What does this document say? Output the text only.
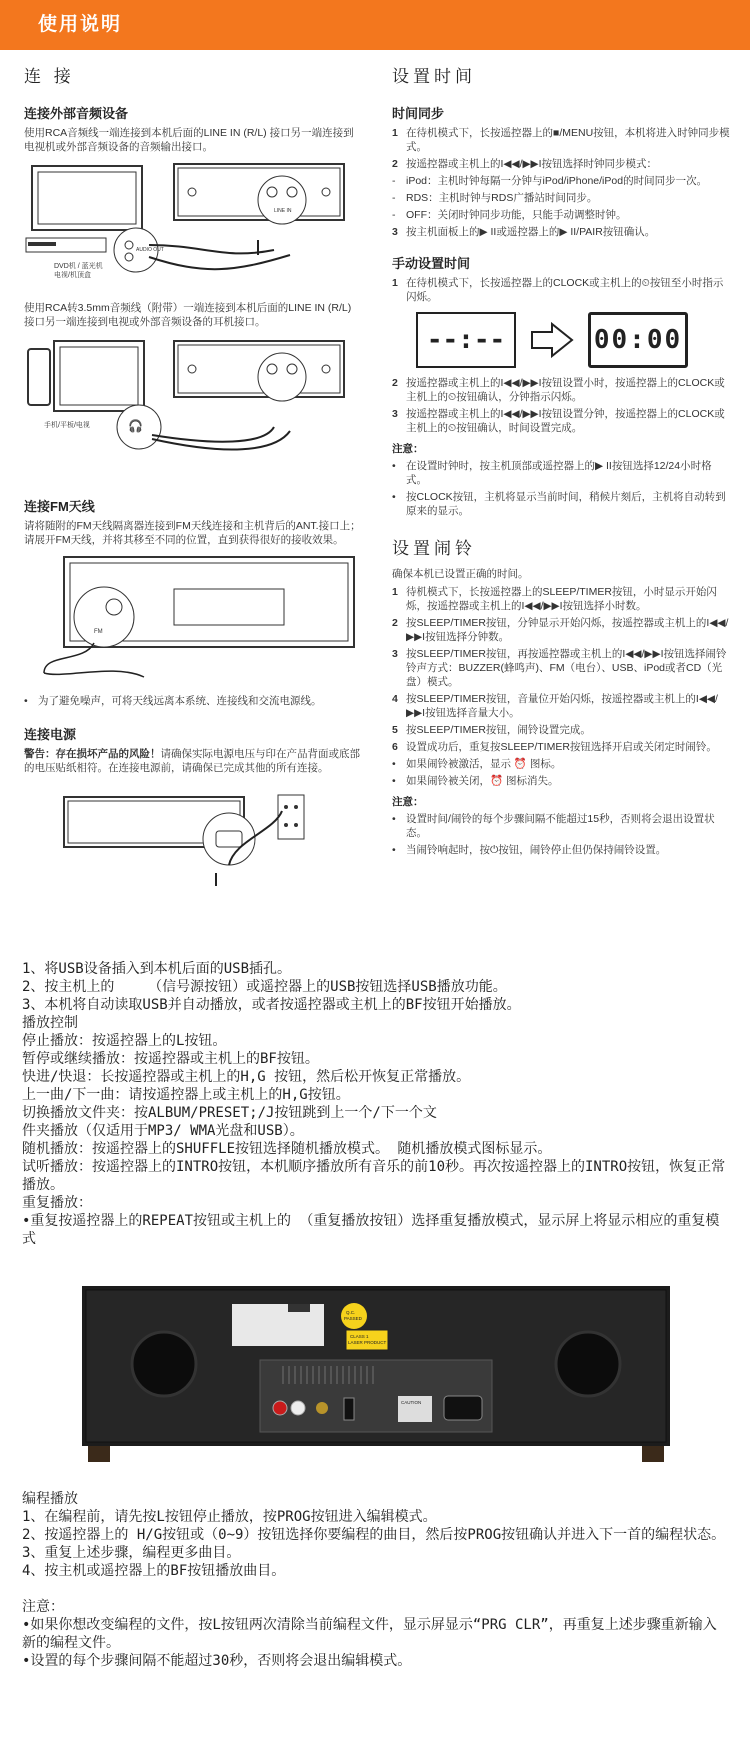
使用说明
连 接
连接外部音频设备
使用RCA音频线一端连接到本机后面的LINE IN (R/L) 接口另一端连接到电视机或外部音频设备的音频输出接口。
DVD机 / 蓝光机电视/机顶盒
AUDIO OUT
LINE IN
使用RCA转3.5mm音频线（附带）一端连接到本机后面的LINE IN (R/L) 接口另一端连接到电视或外部音频设备的耳机接口。
手机/平板/电视	🎧
连接FM天线
请将随附的FM天线隔离器连接到FM天线连接和主机背后的ANT.接口上；请展开FM天线，并将其移至不同的位置，直到获得很好的接收效果。
FM
• 为了避免噪声，可将天线远离本系统、连接线和交流电源线。
连接电源
警告：存在损坏产品的风险！请确保实际电源电压与印在产品背面或底部的电压贴纸相符。在连接电源前，请确保已完成其他的所有连接。
设置时间
时间同步
1 在待机模式下，长按遥控器上的■/MENU按钮，本机将进入时钟同步模式。
2 按遥控器或主机上的I◀◀/▶▶I按钮选择时钟同步模式：
-	iPod：主机时钟每隔一分钟与iPod/iPhone/iPod的时间同步一次。
-	RDS：主机时钟与RDS广播站时间同步。
-	OFF：关闭时钟同步功能，只能手动调整时钟。
3 按主机面板上的▶ II或遥控器上的▶ II/PAIR按钮确认。
手动设置时间
1 在待机模式下，长按遥控器上的CLOCK或主机上的⏲按钮至小时指示闪烁。
--:--	00:00
2 按遥控器或主机上的I◀◀/▶▶I按钮设置小时，按遥控器上的CLOCK或主机上的⏲按钮确认，分钟指示闪烁。
3 按遥控器或主机上的I◀◀/▶▶I按钮设置分钟，按遥控器上的CLOCK或主机上的⏲按钮确认，时间设置完成。
注意：
• 在设置时钟时，按主机顶部或遥控器上的▶ II按钮选择12/24小时格式。
• 按CLOCK按钮，主机将显示当前时间，稍候片刻后，主机将自动转到原来的显示。
设置闹铃
确保本机已设置正确的时间。
1 待机模式下，长按遥控器上的SLEEP/TIMER按钮，小时显示开始闪烁，按遥控器或主机上的I◀◀/▶▶I按钮选择小时数。
2 按SLEEP/TIMER按钮，分钟显示开始闪烁，按遥控器或主机上的I◀◀/▶▶I按钮选择分钟数。
3 按SLEEP/TIMER按钮，再按遥控器或主机上的I◀◀/▶▶I按钮选择闹铃铃声方式：BUZZER(蜂鸣声)、FM（电台）、USB、iPod或者CD（光盘）模式。
4 按SLEEP/TIMER按钮，音量位开始闪烁，按遥控器或主机上的I◀◀/▶▶I按钮选择音量大小。
5 按SLEEP/TIMER按钮，闹铃设置完成。
6 设置成功后，重复按SLEEP/TIMER按钮选择开启或关闭定时闹铃。
• 如果闹铃被激活，显示 ⏰ 图标。
• 如果闹铃被关闭，⏰ 图标消失。
注意：
• 设置时间/闹铃的每个步骤间隔不能超过15秒，否则将会退出设置状态。
• 当闹铃响起时，按⏻按钮，闹铃停止但仍保持闹铃设置。
1、将USB设备插入到本机后面的USB插孔。
2、按主机上的    （信号源按钮）或遥控器上的USB按钮选择USB播放功能。
3、本机将自动读取USB并自动播放，或者按遥控器或主机上的BF按钮开始播放。
播放控制
停止播放：按遥控器上的L按钮。
暂停或继续播放：按遥控器或主机上的BF按钮。
快进/快退：长按遥控器或主机上的H,G 按钮，然后松开恢复正常播放。
上一曲/下一曲：请按遥控器上或主机上的H,G按钮。
切换播放文件夹：按ALBUM/PRESET;/J按钮跳到上一个/下一个文
件夹播放（仅适用于MP3/ WMA光盘和USB）。
随机播放：按遥控器上的SHUFFLE按钮选择随机播放模式。 随机播放模式图标显示。
试听播放：按遥控器上的INTRO按钮，本机顺序播放所有音乐的前10秒。再次按遥控器上的INTRO按钮，恢复正常播放。
重复播放：
•重复按遥控器上的REPEAT按钮或主机上的 （重复播放按钮）选择重复播放模式，显示屏上将显示相应的重复模式
Q.C. PASSED
CLASS 1 LASER PRODUCT
CAUTION
编程播放
1、在编程前，请先按L按钮停止播放，按PROG按钮进入编辑模式。
2、按遥控器上的 H/G按钮或（0~9）按钮选择你要编程的曲目，然后按PROG按钮确认并进入下一首的编程状态。
3、重复上述步骤，编程更多曲目。
4、按主机或遥控器上的BF按钮播放曲目。
注意：
•如果你想改变编程的文件，按L按钮两次清除当前编程文件，显示屏显示“PRG CLR”，再重复上述步骤重新输入新的编程文件。
•设置的每个步骤间隔不能超过30秒，否则将会退出编辑模式。
